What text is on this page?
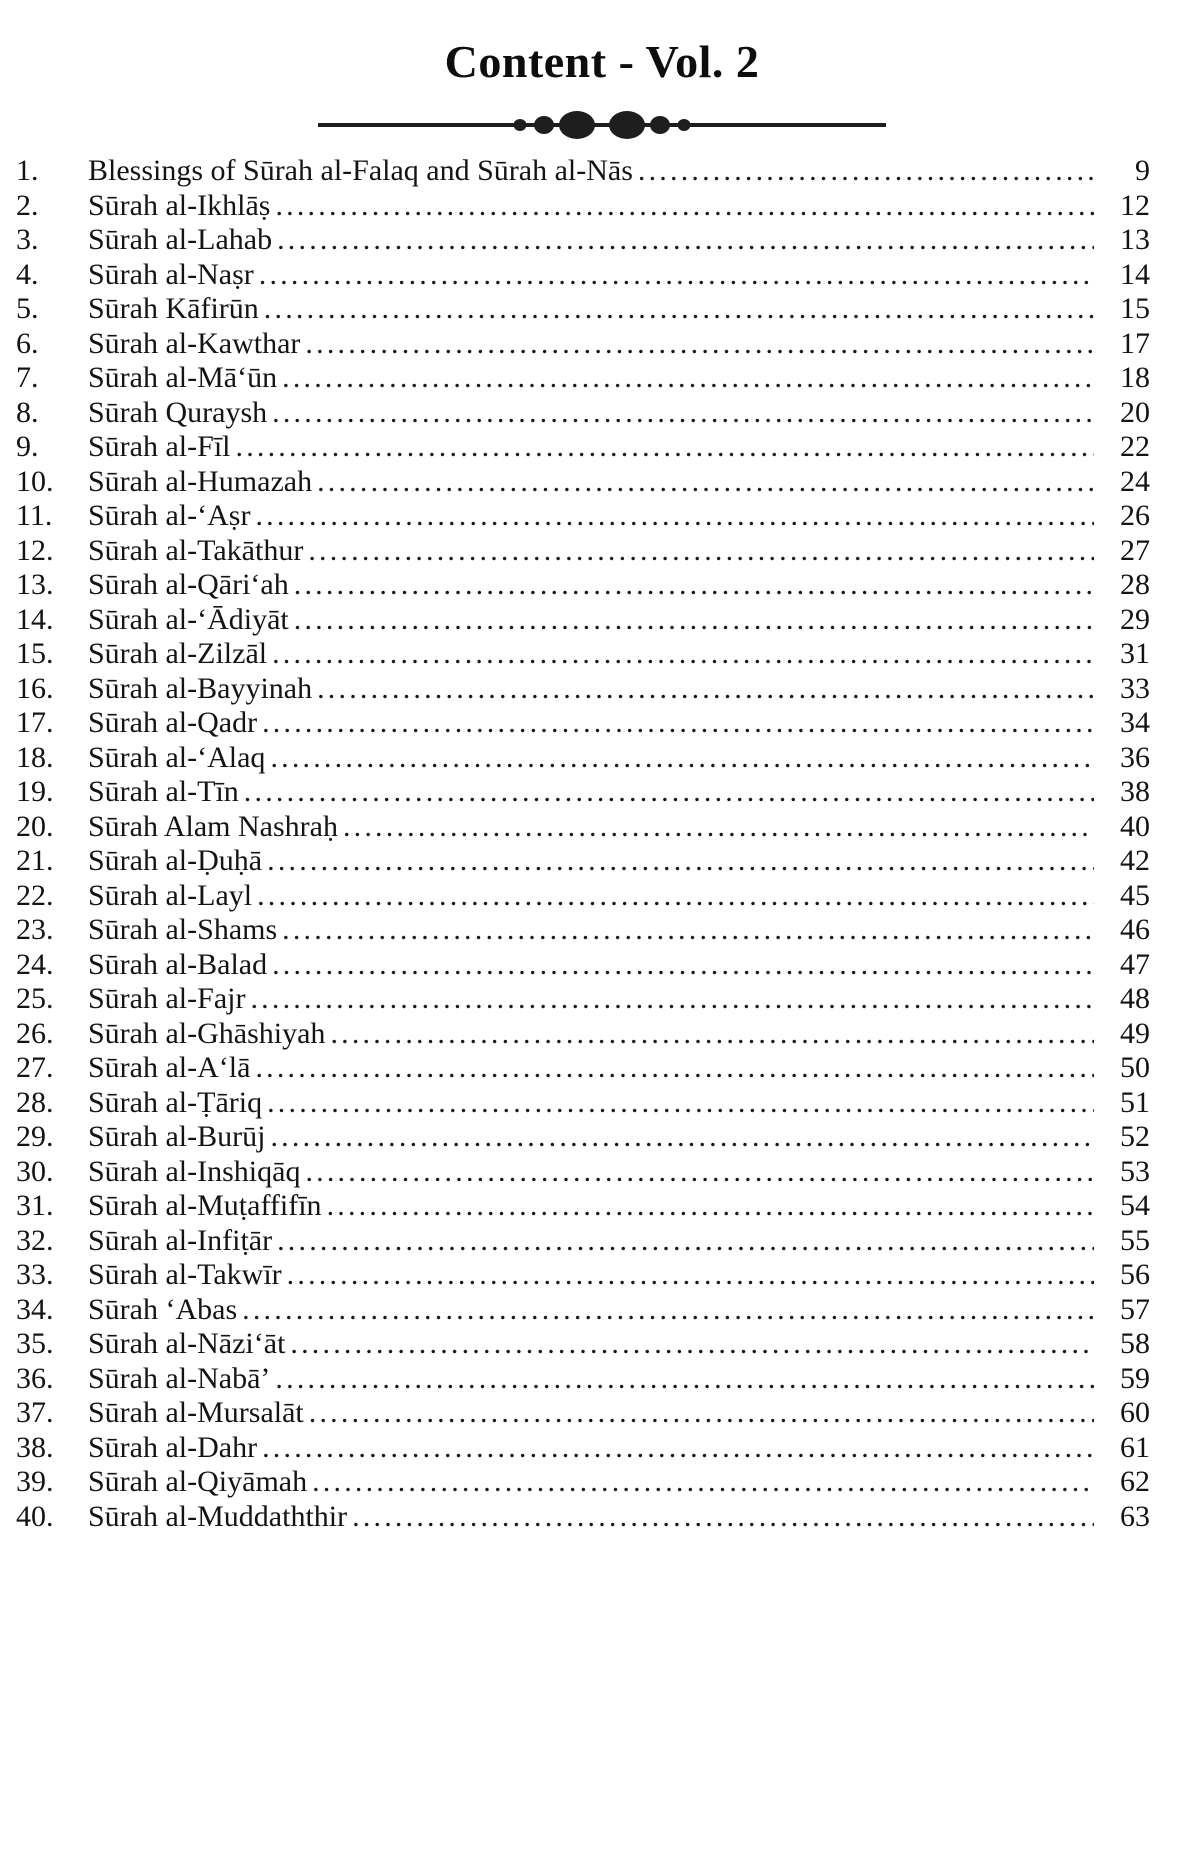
Content - Vol. 2
1.	Blessings of Sūrah al-Falaq and Sūrah al-Nās .....	9
2.	Sūrah al-Ikhlāṣ .....	12
3.	Sūrah al-Lahab .....	13
4.	Sūrah al-Naṣr .....	14
5.	Sūrah Kāfirūn .....	15
6.	Sūrah al-Kawthar .....	17
7.	Sūrah al-Mā‘ūn .....	18
8.	Sūrah Quraysh .....	20
9.	Sūrah al-Fīl .....	22
10.	Sūrah al-Humazah .....	24
11.	Sūrah al-‘Aṣr .....	26
12.	Sūrah al-Takāthur .....	27
13.	Sūrah al-Qāri‘ah .....	28
14.	Sūrah al-‘Ādiyāt .....	29
15.	Sūrah al-Zilzāl .....	31
16.	Sūrah al-Bayyinah .....	33
17.	Sūrah al-Qadr .....	34
18.	Sūrah al-‘Alaq .....	36
19.	Sūrah al-Tīn .....	38
20.	Sūrah Alam Nashraḥ .....	40
21.	Sūrah al-Ḍuḥā .....	42
22.	Sūrah al-Layl .....	45
23.	Sūrah al-Shams .....	46
24.	Sūrah al-Balad .....	47
25.	Sūrah al-Fajr .....	48
26.	Sūrah al-Ghāshiyah .....	49
27.	Sūrah al-A‘lā .....	50
28.	Sūrah al-Ṭāriq .....	51
29.	Sūrah al-Burūj .....	52
30.	Sūrah al-Inshiqāq .....	53
31.	Sūrah al-Muṭaffifīn .....	54
32.	Sūrah al-Infiṭār .....	55
33.	Sūrah al-Takwīr .....	56
34.	Sūrah ‘Abas .....	57
35.	Sūrah al-Nāzi‘āt .....	58
36.	Sūrah al-Nabā’ .....	59
37.	Sūrah al-Mursalāt .....	60
38.	Sūrah al-Dahr .....	61
39.	Sūrah al-Qiyāmah .....	62
40.	Sūrah al-Muddaththir .....	63
